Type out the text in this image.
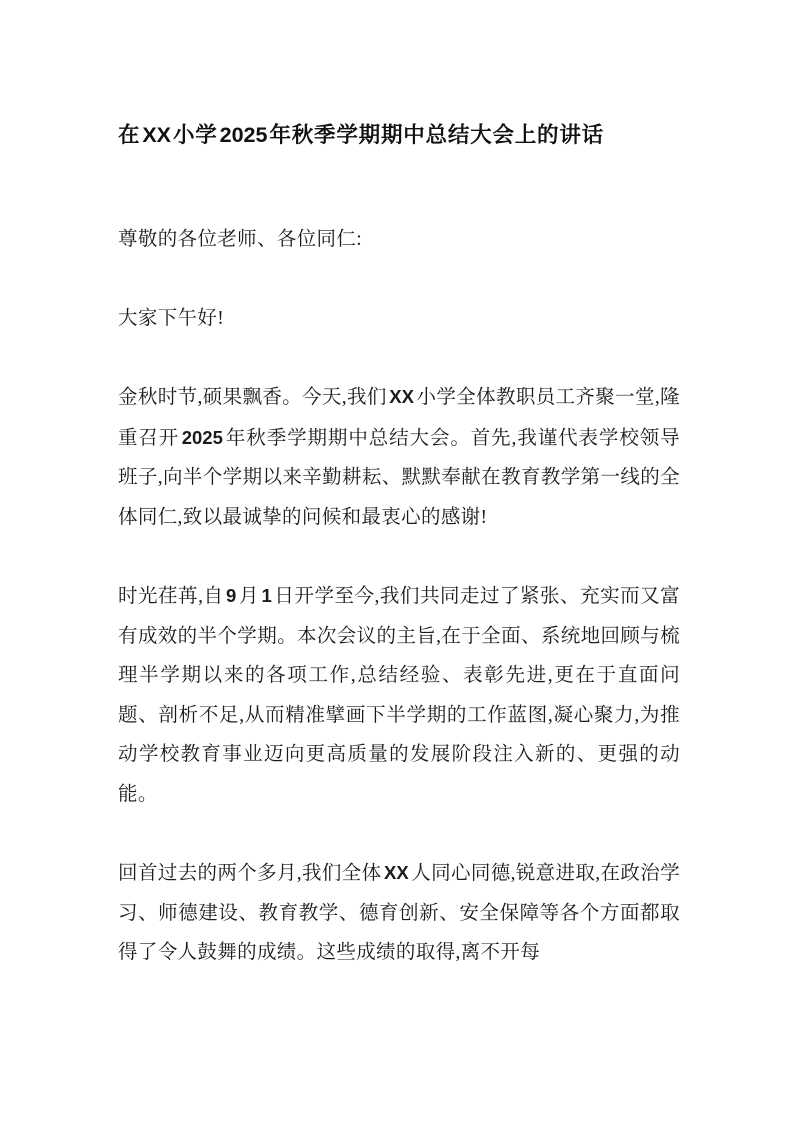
在XX小学2025年秋季学期期中总结大会上的讲话

尊敬的各位老师、各位同仁:

大家下午好!

金秋时节,硕果飘香。今天,我们 XX 小学全体教职员工齐聚一堂,隆重召开 2025 年秋季学期期中总结大会。首先,我谨代表学校领导班子,向半个学期以来辛勤耕耘、默默奉献在教育教学第一线的全体同仁,致以最诚挚的问候和最衷心的感谢!

时光荏苒,自 9 月 1 日开学至今,我们共同走过了紧张、充实而又富有成效的半个学期。本次会议的主旨,在于全面、系统地回顾与梳理半学期以来的各项工作,总结经验、表彰先进,更在于直面问题、剖析不足,从而精准擘画下半学期的工作蓝图,凝心聚力,为推动学校教育事业迈向更高质量的发展阶段注入新的、更强的动能。

回首过去的两个多月,我们全体 XX 人同心同德,锐意进取,在政治学习、师德建设、教育教学、德育创新、安全保障等各个方面都取得了令人鼓舞的成绩。这些成绩的取得,离不开每
